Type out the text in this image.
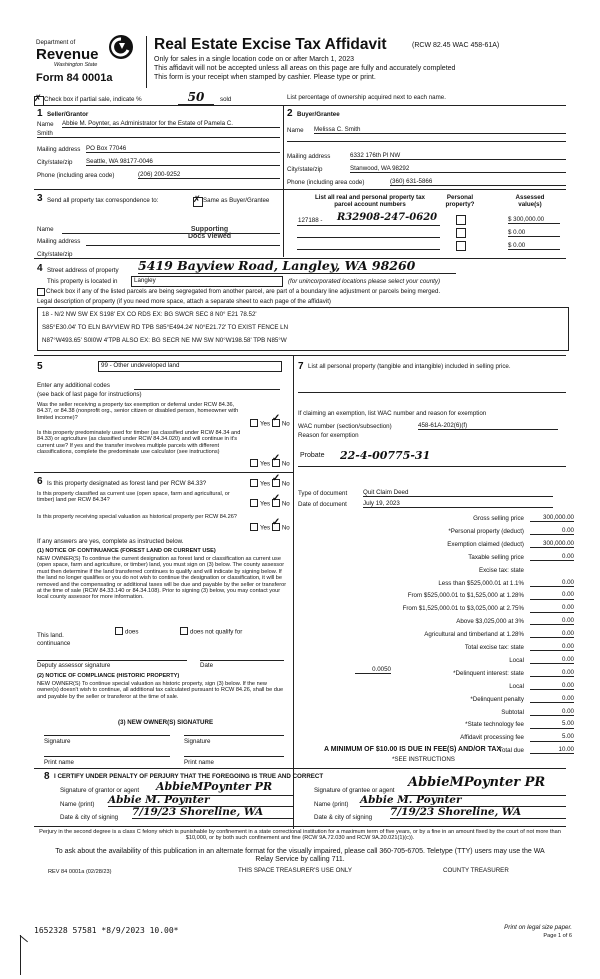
Department of
Revenue
Washington State
Form 84 0001a
Real Estate Excise Tax Affidavit	(RCW 82.45 WAC 458-61A)
Only for sales in a single location code on or after March 1, 2023
This affidavit will not be accepted unless all areas on this page are fully and accurately completed
This form is your receipt when stamped by cashier. Please type or print.
✗
Check box if partial sale, indicate %	50	sold	List percentage of ownership acquired next to each name.
1 Seller/Grantor
Name Abbie M. Poynter, as Administrator for the Estate of Pamela C.
Smith
Mailing address PO Box 77046
City/state/zip Seattle, WA 98177-0046
Phone (including area code)	(206) 200-9252
2 Buyer/Grantee
Name Melissa C. Smith
Mailing address	6332 176th Pl NW
City/state/zip	Stanwood, WA 98292
Phone (including area code)	(360) 631-5866
3 Send all property tax correspondence to: ✗	Same as Buyer/Grantee
Name	Supporting
Docs Viewed
Mailing address
City/state/zip
List all real and personal property tax
parcel account numbers
Personal
property?
Assessed
value(s)
127188 - R32908-247-0620	$ 300,000.00
$ 0.00
$ 0.00
4 Street address of property 5419 Bayview Road, Langley, WA 98260
This property is located in	Langley	(for unincorporated locations please select your county)
Check box if any of the listed parcels are being segregated from another parcel, are part of a boundary line adjustment or parcels being merged.
Legal description of property (if you need more space, attach a separate sheet to each page of the affidavit)
18 - N/2 NW SW EX S198' EX CO RDS EX: BG SWCR SEC 8 N0° E21 78.52'
S85°E30.04' TO ELN BAYVIEW RD TPB S85°E494.24' N0°E21.72' TO EXIST FENCE LN
N87°W493.65' S0I0W 4'TPB ALSO EX: BG SECR NE NW SW N0°W198.58' TPB N85°W
5	99 - Other undeveloped land
Enter any additional codes
(see back of last page for instructions)
Was the seller receiving a property tax exemption or deferral under RCW 84.36, 84.37, or 84.38 (nonprofit org., senior citizen or disabled person, homeowner with limited income)?
Yes ✓ No
Is this property predominately used for timber (as classified under RCW 84.34 and 84.33) or agriculture (as classified under RCW 84.34.020) and will continue in it's current use? If yes and the transfer involves multiple parcels with different classifications, complete the predominate use calculator (see instructions)
Yes ✓ No
6 Is this property designated as forest land per RCW 84.33?	Yes ✓ No
Is this property classified as current use (open space, farm and agricultural, or timber) land per RCW 84.34?
Yes ✓ No
Is this property receiving special valuation as historical property per RCW 84.26?
Yes ✓ No
If any answers are yes, complete as instructed below.
(1) NOTICE OF CONTINUANCE (FOREST LAND OR CURRENT USE)
NEW OWNER(S) To continue the current designation as forest land or classification as current use (open space, farm and agriculture, or timber) land, you must sign on (3) below. The county assessor must then determine if the land transferred continues to qualify and will indicate by signing below. If the land no longer qualifies or you do not wish to continue the designation or classification, it will be removed and the compensating or additional taxes will be due and payable by the seller or transferor at the time of sale (RCW 84.33.140 or 84.34.108). Prior to signing (3) below, you may contact your local county assessor for more information.
This land.
continuance
does	does not qualify for
Deputy assessor signature	Date
(2) NOTICE OF COMPLIANCE (HISTORIC PROPERTY)
NEW OWNER(S) To continue special valuation as historic property, sign (3) below. If the new owner(s) doesn't wish to continue, all additional tax calculated pursuant to RCW 84.26, shall be due and payable by the seller or transferor at the time of sale.
(3) NEW OWNER(S) SIGNATURE
Signature	Signature
Print name	Print name
7 List all personal property (tangible and intangible) included in selling price.
If claiming an exemption, list WAC number and reason for exemption
WAC number (section/subsection)	458-61A-202(6)(f)
Reason for exemption
Probate 22-4-00775-31
Type of document	Quit Claim Deed
Date of document	July 19, 2023
Gross selling price	300,000.00
*Personal property (deduct)	0.00
Exemption claimed (deduct)	300,000.00
Taxable selling price	0.00
Excise tax: state
Less than $525,000.01 at 1.1%	0.00
From $525,000.01 to $1,525,000 at 1.28%	0.00
From $1,525,000.01 to $3,025,000 at 2.75%	0.00
Above $3,025,000 at 3%	0.00
Agricultural and timberland at 1.28%	0.00
Total excise tax: state	0.00
Local	0.00
*Delinquent interest: state	0.00
Local	0.00
*Delinquent penalty	0.00
Subtotal	0.00
*State technology fee	5.00
Affidavit processing fee	5.00
Total due	10.00
0.0050
A MINIMUM OF $10.00 IS DUE IN FEE(S) AND/OR TAX
*SEE INSTRUCTIONS
8 I CERTIFY UNDER PENALTY OF PERJURY THAT THE FOREGOING IS TRUE AND CORRECT
Signature of grantor or agent AbbieMPoynter PR
Name (print) Abbie M. Poynter
Date & city of signing 7/19/23 Shoreline, WA
Signature of grantee or agent
AbbieMPoynter PR
Name (print) Abbie M. Poynter
Date & city of signing 7/19/23 Shoreline, WA
Perjury in the second degree is a class C felony which is punishable by confinement in a state correctional institution for a maximum term of five years, or by a fine in an amount fixed by the court of not more than $10,000, or by both such confinement and fine (RCW 9A.72.030 and RCW 9A.20.021(1)(c)).
To ask about the availability of this publication in an alternate format for the visually impaired, please call 360-705-6705. Teletype (TTY) users may use the WA Relay Service by calling 711.
REV 84 0001a (02/28/23)	THIS SPACE TREASURER'S USE ONLY	COUNTY TREASURER
1652328 57581 *8/9/2023 10.00*	Print on legal size paper.
Page 1 of 6
